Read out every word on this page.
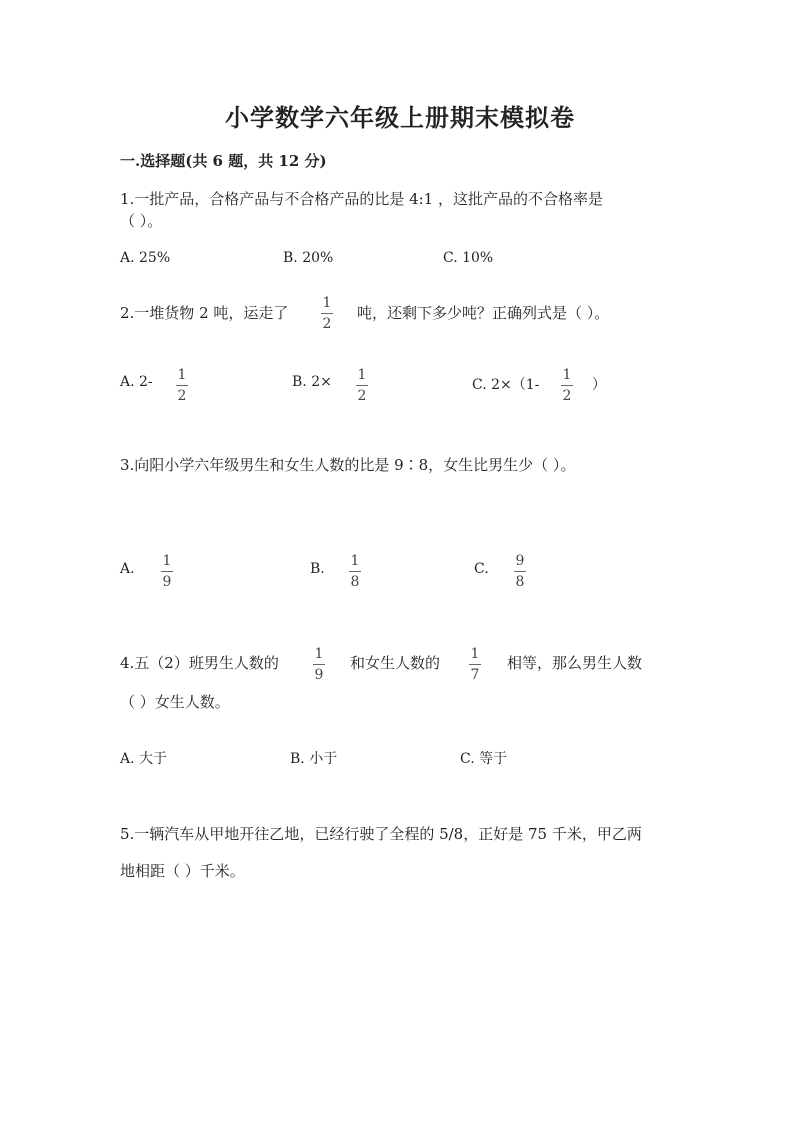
小学数学六年级上册期末模拟卷
一.选择题(共 6 题，共 12 分)
1.一批产品，合格产品与不合格产品的比是 4:1 ，这批产品的不合格率是
（ ）。
A. 25%	B. 20%	C. 10%
2.一堆货物 2 吨，运走了
1
2
吨，还剩下多少吨？正确列式是（ ）。
A. 2- 1
2
B. 2× 1
2
C. 2×（1-
1
2
）
3.向阳小学六年级男生和女生人数的比是 9∶8，女生比男生少（ ）。
A. 1
9
B. 1
8
C. 9
8
4.五（2）班男生人数的	1
9
和女生人数的 1
7
相等，那么男生人数
（ ）女生人数。
A. 大于	B. 小于	C. 等于
5.一辆汽车从甲地开往乙地，已经行驶了全程的 5/8，正好是 75 千米，甲乙两
地相距（ ）千米。
